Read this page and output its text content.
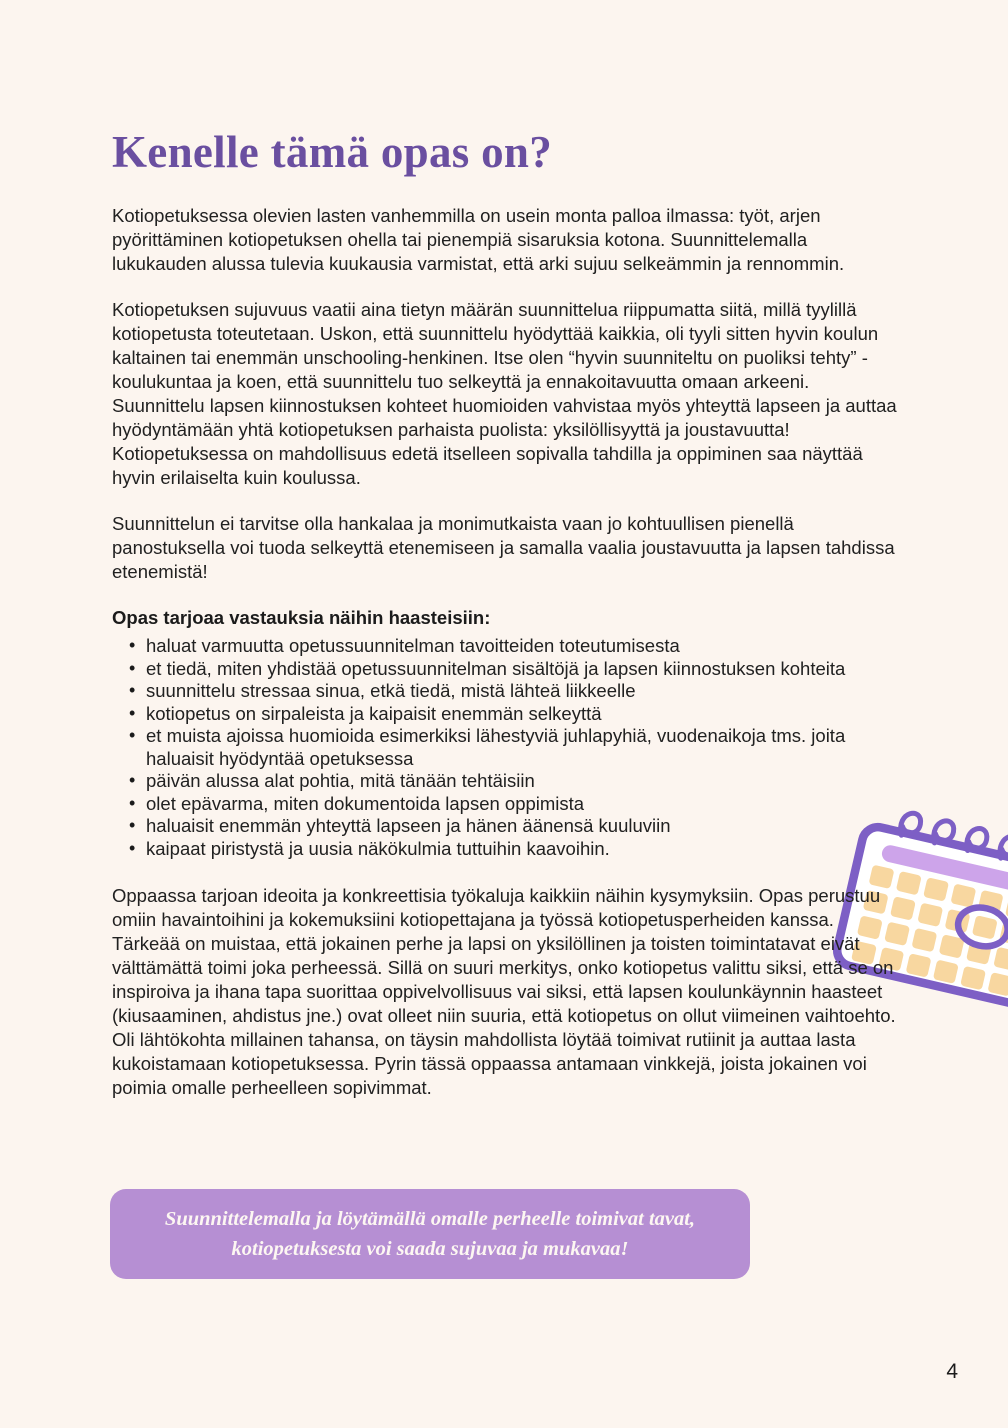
Kenelle tämä opas on?

Kotiopetuksessa olevien lasten vanhemmilla on usein monta palloa ilmassa: työt, arjen pyörittäminen kotiopetuksen ohella tai pienempiä sisaruksia kotona. Suunnittelemalla lukukauden alussa tulevia kuukausia varmistat, että arki sujuu selkeämmin ja rennommin.

Kotiopetuksen sujuvuus vaatii aina tietyn määrän suunnittelua riippumatta siitä, millä tyylillä kotiopetusta toteutetaan. Uskon, että suunnittelu hyödyttää kaikkia, oli tyyli sitten hyvin koulun kaltainen tai enemmän unschooling-henkinen. Itse olen “hyvin suunniteltu on puoliksi tehty” -koulukuntaa ja koen, että suunnittelu tuo selkeyttä ja ennakoitavuutta omaan arkeeni. Suunnittelu lapsen kiinnostuksen kohteet huomioiden vahvistaa myös yhteyttä lapseen ja auttaa hyödyntämään yhtä kotiopetuksen parhaista puolista: yksilöllisyyttä ja joustavuutta! Kotiopetuksessa on mahdollisuus edetä itselleen sopivalla tahdilla ja oppiminen saa näyttää hyvin erilaiselta kuin koulussa.

Suunnittelun ei tarvitse olla hankalaa ja monimutkaista vaan jo kohtuullisen pienellä panostuksella voi tuoda selkeyttä etenemiseen ja samalla vaalia joustavuutta ja lapsen tahdissa etenemistä!

Opas tarjoaa vastauksia näihin haasteisiin:
• haluat varmuutta opetussuunnitelman tavoitteiden toteutumisesta
• et tiedä, miten yhdistää opetussuunnitelman sisältöjä ja lapsen kiinnostuksen kohteita
• suunnittelu stressaa sinua, etkä tiedä, mistä lähteä liikkeelle
• kotiopetus on sirpaleista ja kaipaisit enemmän selkeyttä
• et muista ajoissa huomioida esimerkiksi lähestyviä juhlapyhiä, vuodenaikoja tms. joita haluaisit hyödyntää opetuksessa
• päivän alussa alat pohtia, mitä tänään tehtäisiin
• olet epävarma, miten dokumentoida lapsen oppimista
• haluaisit enemmän yhteyttä lapseen ja hänen äänensä kuuluviin
• kaipaat piristystä ja uusia näkökulmia tuttuihin kaavoihin.

Oppaassa tarjoan ideoita ja konkreettisia työkaluja kaikkiin näihin kysymyksiin. Opas perustuu omiin havaintoihini ja kokemuksiini kotiopettajana ja työssä kotiopetusperheiden kanssa. Tärkeää on muistaa, että jokainen perhe ja lapsi on yksilöllinen ja toisten toimintatavat eivät välttämättä toimi joka perheessä. Sillä on suuri merkitys, onko kotiopetus valittu siksi, että se on inspiroiva ja ihana tapa suorittaa oppivelvollisuus vai siksi, että lapsen koulunkäynnin haasteet (kiusaaminen, ahdistus jne.) ovat olleet niin suuria, että kotiopetus on ollut viimeinen vaihtoehto. Oli lähtökohta millainen tahansa, on täysin mahdollista löytää toimivat rutiinit ja auttaa lasta kukoistamaan kotiopetuksessa. Pyrin tässä oppaassa antamaan vinkkejä, joista jokainen voi poimia omalle perheelleen sopivimmat.

Suunnittelemalla ja löytämällä omalle perheelle toimivat tavat,
kotiopetuksesta voi saada sujuvaa ja mukavaa!
4
